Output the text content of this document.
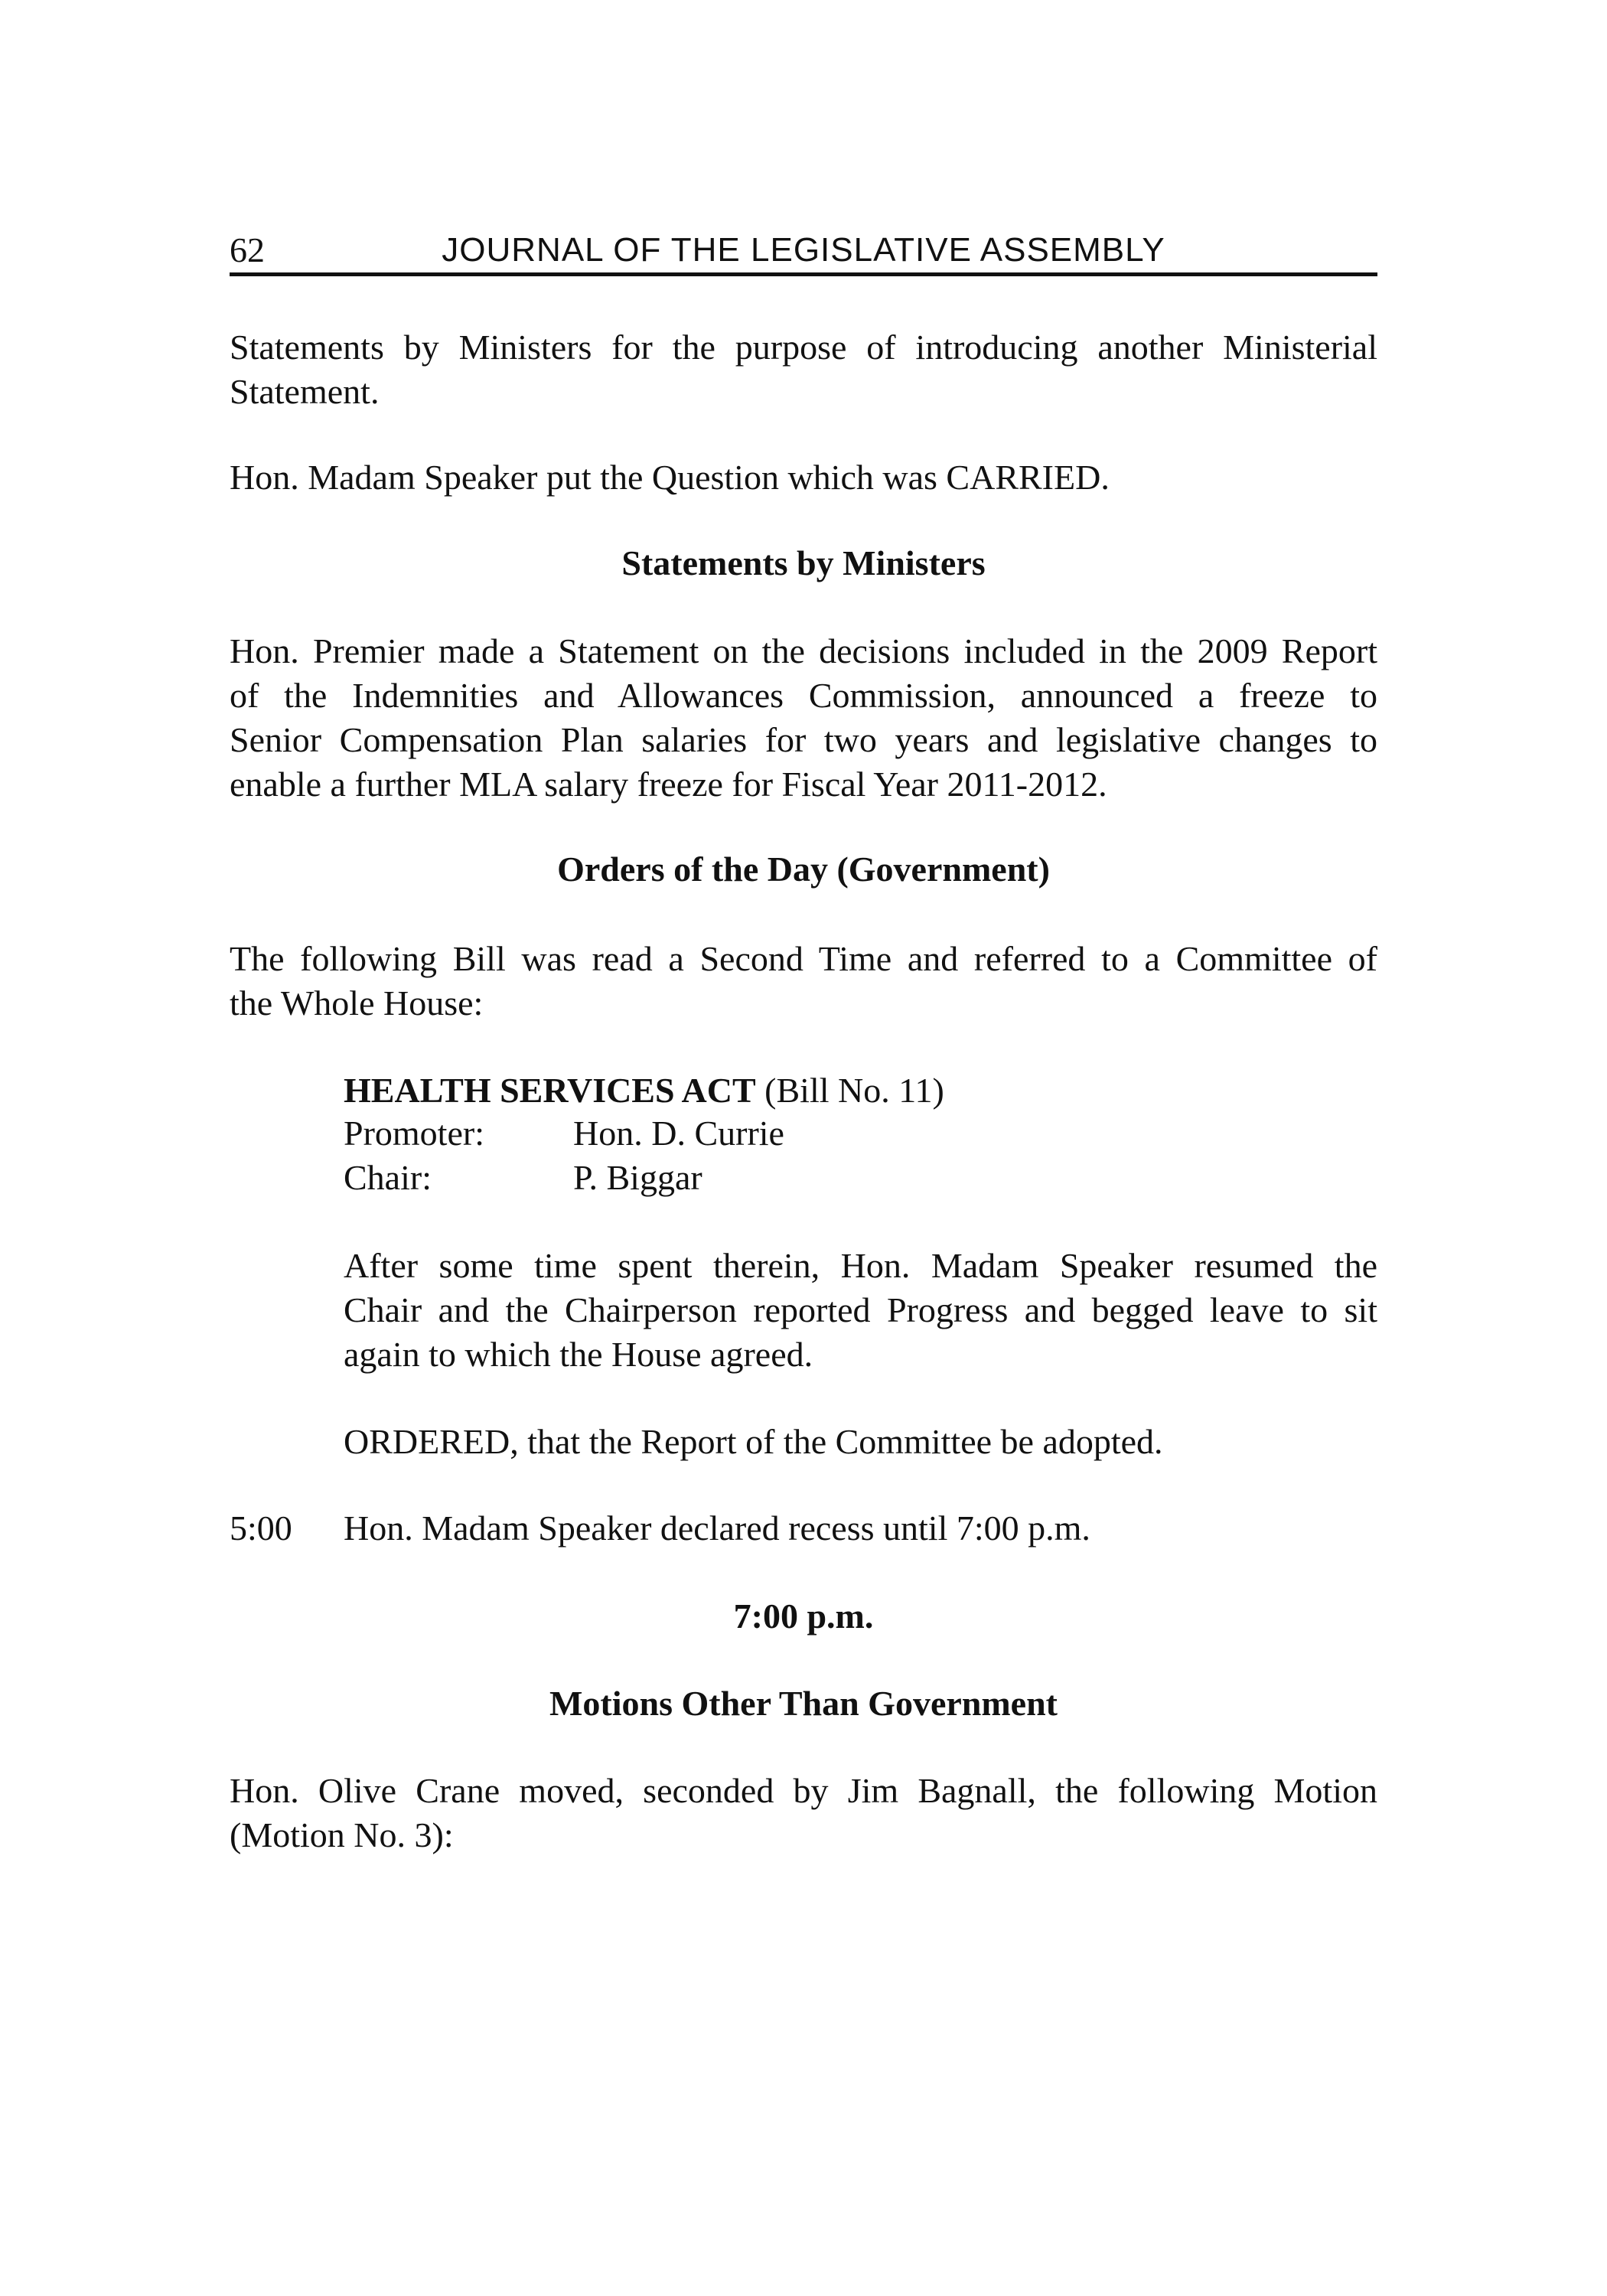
62	JOURNAL OF THE LEGISLATIVE ASSEMBLY
Statements by Ministers for the purpose of introducing another Ministerial
Statement.
Hon. Madam Speaker put the Question which was CARRIED.
Statements by Ministers
Hon. Premier made a Statement on the decisions included in the 2009 Report
of the Indemnities and Allowances Commission, announced a freeze to
Senior Compensation Plan salaries for two years and legislative changes to
enable a further MLA salary freeze for Fiscal Year 2011-2012.
Orders of the Day (Government)
The following Bill was read a Second Time and referred to a Committee of
the Whole House:
HEALTH SERVICES ACT (Bill No. 11)
Promoter:	Hon. D. Currie
Chair:	P. Biggar
After some time spent therein, Hon. Madam Speaker resumed the
Chair and the Chairperson reported Progress and begged leave to sit
again to which the House agreed.
ORDERED, that the Report of the Committee be adopted.
5:00 Hon. Madam Speaker declared recess until 7:00 p.m.
7:00 p.m.
Motions Other Than Government
Hon. Olive Crane moved, seconded by Jim Bagnall, the following Motion
(Motion No. 3):
